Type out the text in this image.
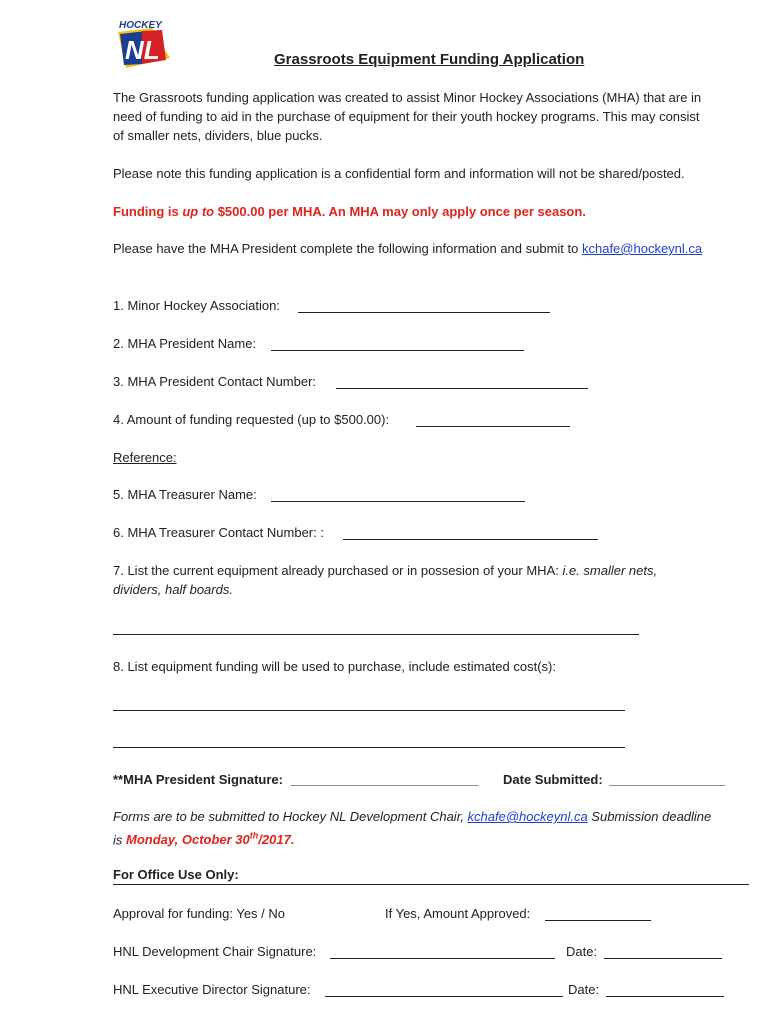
HOCKEY
NL	Grassroots Equipment Funding Application
The Grassroots funding application was created to assist Minor Hockey Associations (MHA) that are in
need of funding to aid in the purchase of equipment for their youth hockey programs. This may consist
of smaller nets, dividers, blue pucks.
Please note this funding application is a confidential form and information will not be shared/posted.
Funding is up to $500.00 per MHA. An MHA may only apply once per season.
Please have the MHA President complete the following information and submit to kchafe@hockeynl.ca
1. Minor Hockey Association:
2. MHA President Name:
3. MHA President Contact Number:
4. Amount of funding requested (up to $500.00):
Reference:
5. MHA Treasurer Name:
6. MHA Treasurer Contact Number: :
7. List the current equipment already purchased or in possesion of your MHA: i.e. smaller nets,
dividers, half boards.
8. List equipment funding will be used to purchase, include estimated cost(s):
**MHA President Signature: __________________________ Date Submitted: ________________
Forms are to be submitted to Hockey NL Development Chair, kchafe@hockeynl.ca Submission deadline
is Monday, October 30th/2017.
For Office Use Only:
Approval for funding: Yes / No	If Yes, Amount Approved:
HNL Development Chair Signature:	Date:
HNL Executive Director Signature:	Date:
